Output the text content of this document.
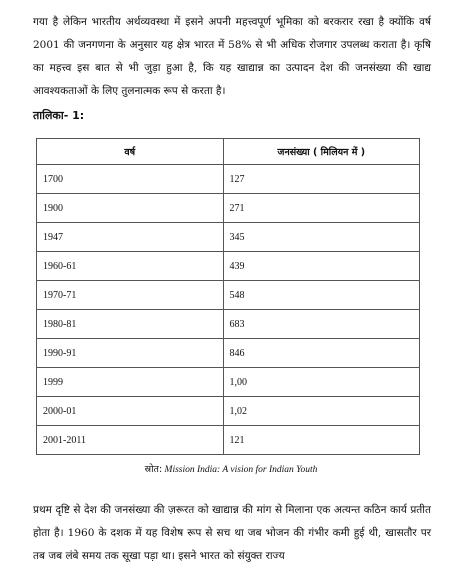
गया है लेकिन भारतीय अर्थव्यवस्था में इसने अपनी महत्त्वपूर्ण भूमिका को बरकरार रखा है क्योंकि वर्ष 2001 की जनगणना के अनुसार यह क्षेत्र भारत में 58% से भी अधिक रोजगार उपलब्ध कराता है। कृषि का महत्त्व इस बात से भी जुड़ा हुआ है, कि यह खाद्यान्न का उत्पादन देश की जनसंख्या की खाद्य आवश्यकताओं के लिए तुलनात्मक रूप से करता है।

तालिका- 1:
वर्ष	जनसंख्या ( मिलियन में )
1700	127
1900	271
1947	345
1960-61	439
1970-71	548
1980-81	683
1990-91	846
1999	1,00
2000-01	1,02
2001-2011	121
स्रोत: Mission India: A vision for Indian Youth

प्रथम दृष्टि से देश की जनसंख्या की ज़रूरत को खाद्यान्न की मांग से मिलाना एक अत्यन्त कठिन कार्य प्रतीत होता है। 1960 के दशक में यह विशेष रूप से सच था जब भोजन की गंभीर कमी हुई थी, खासतौर पर तब जब लंबे समय तक सूखा पड़ा था। इसने भारत को संयुक्त राज्य
